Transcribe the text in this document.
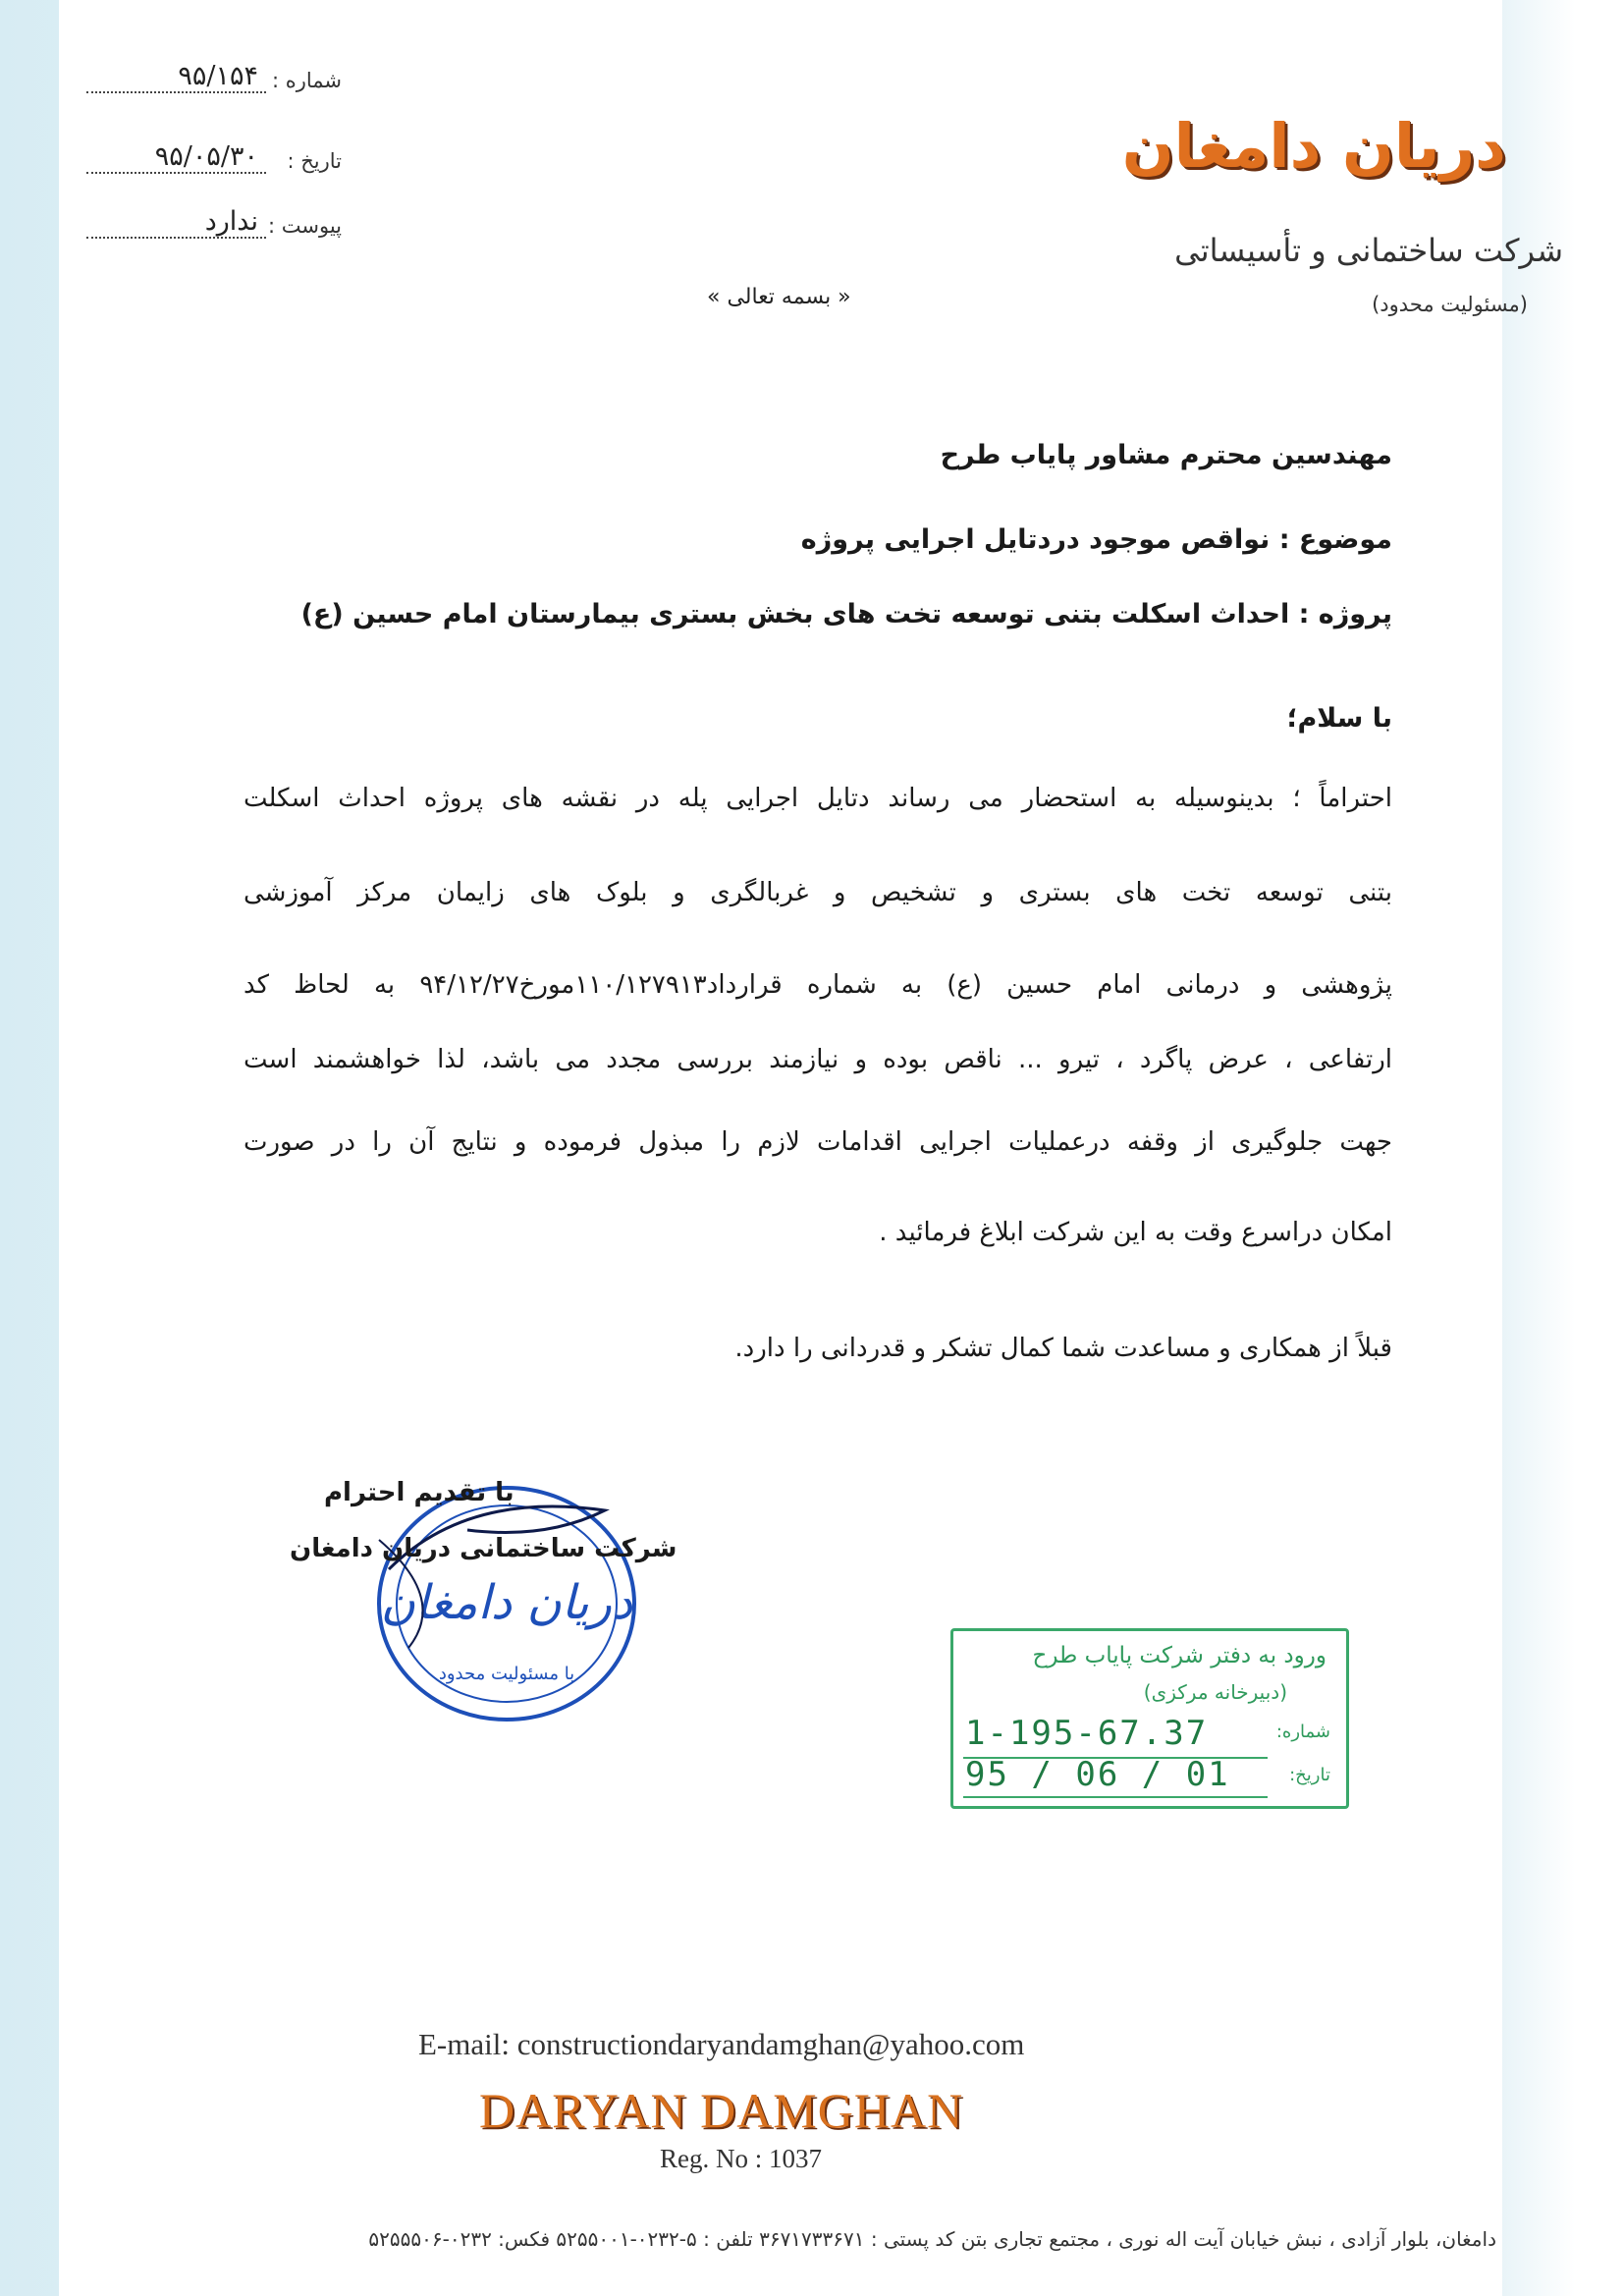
شماره :
۹۵/۱۵۴
تاریخ :
۹۵/۰۵/۳۰
پیوست :
ندارد
دریان دامغان
شرکت ساختمانی و تأسیساتی
(مسئولیت محدود)
« بسمه تعالی »
مهندسین محترم مشاور پایاب طرح
موضوع : نواقص موجود دردتایل اجرایی پروژه
پروژه : احداث اسکلت بتنی توسعه تخت های بخش بستری بیمارستان امام حسین (ع)
با سلام؛
احتراماً ؛ بدینوسیله به استحضار می رساند دتایل اجرایی پله در نقشه های پروژه احداث اسکلت
بتنی توسعه تخت های بستری و تشخیص و غربالگری و بلوک های زایمان مرکز آموزشی
پژوهشی و درمانی امام حسین (ع) به شماره قرارداد۱۱۰/۱۲۷۹۱۳مورخ۹۴/۱۲/۲۷ به لحاظ کد
ارتفاعی ، عرض پاگرد ، تیرو ... ناقص بوده و نیازمند بررسی مجدد می باشد، لذا خواهشمند است
جهت جلوگیری از وقفه درعملیات اجرایی اقدامات لازم را مبذول فرموده و نتایج آن را در صورت
امکان دراسرع وقت به این شرکت ابلاغ فرمائید .
قبلاً از همکاری و مساعدت شما کمال تشکر و قدردانی را دارد.
دریان دامغان
با مسئولیت محدود
با تقدیم احترام
شرکت ساختمانی دریان دامغان
ورود به دفتر شرکت پایاب طرح
(دبیرخانه مرکزی)
شماره:
1-195-67.37
تاریخ:
95 / 06 / 01
E-mail: constructiondaryandamghan@yahoo.com
DARYAN DAMGHAN
Reg. No : 1037
دامغان، بلوار آزادی ، نبش خیابان آیت اله نوری ، مجتمع تجاری بتن کد پستی : ۳۶۷۱۷۳۳۶۷۱ تلفن : ۵-۰۲۳۲-۵۲۵۵۰۰۱ فکس: ۰۲۳۲-۵۲۵۵۵۰۶
